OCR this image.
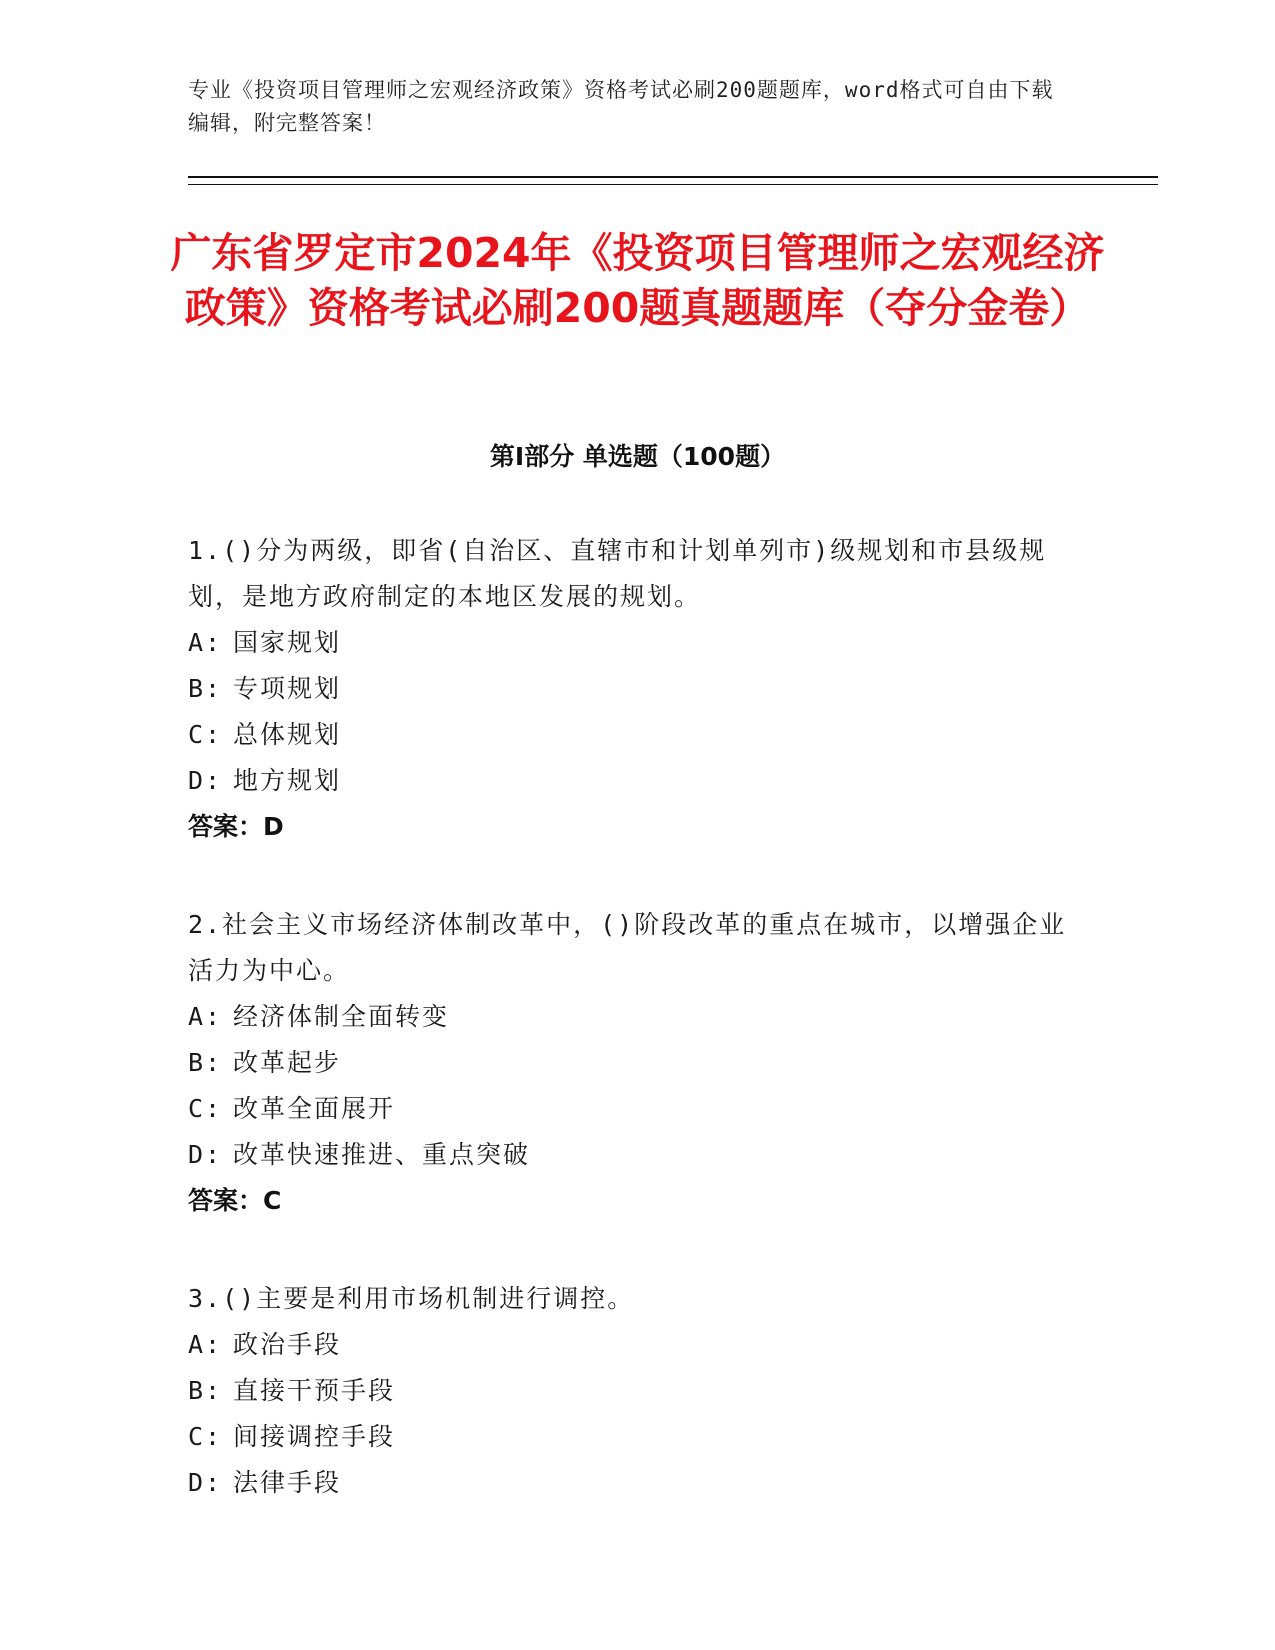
专业《投资项目管理师之宏观经济政策》资格考试必刷200题题库，word格式可自由下载编辑，附完整答案！
广东省罗定市2024年《投资项目管理师之宏观经济政策》资格考试必刷200题真题题库（夺分金卷）
第Ⅰ部分 单选题（100题）

1.()分为两级，即省(自治区、直辖市和计划单列市)级规划和市县级规划，是地方政府制定的本地区发展的规划。

A: 国家规划

B: 专项规划

C: 总体规划

D: 地方规划

答案：D

2.社会主义市场经济体制改革中，()阶段改革的重点在城市，以增强企业活力为中心。

A: 经济体制全面转变

B: 改革起步

C: 改革全面展开

D: 改革快速推进、重点突破

答案：C

3.()主要是利用市场机制进行调控。

A: 政治手段

B: 直接干预手段

C: 间接调控手段

D: 法律手段
